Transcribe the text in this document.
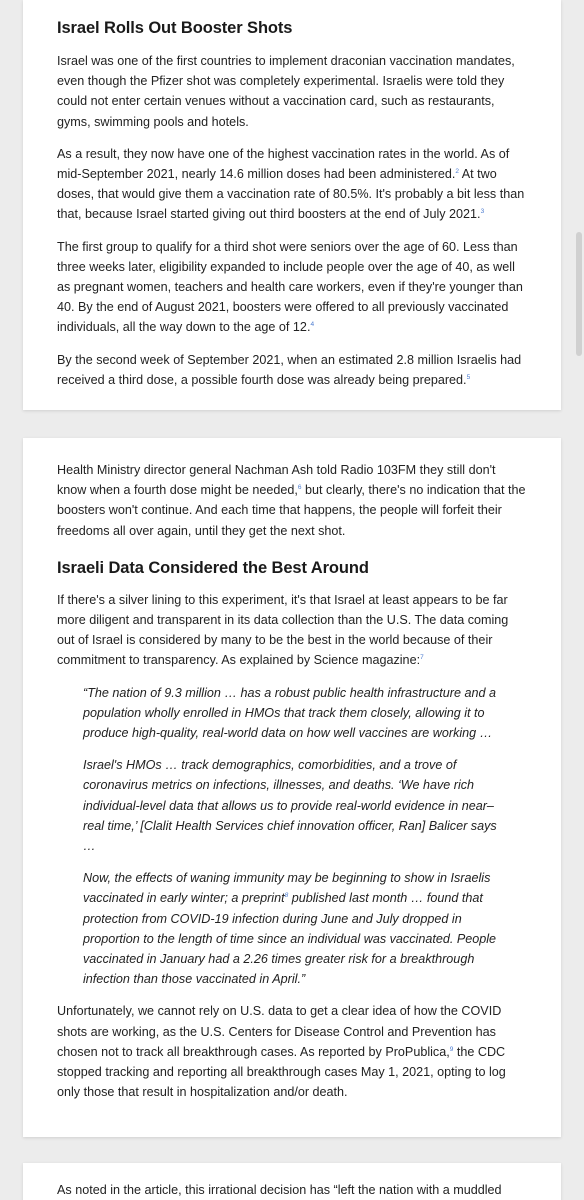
Israel Rolls Out Booster Shots

Israel was one of the first countries to implement draconian vaccination mandates, even though the Pfizer shot was completely experimental. Israelis were told they could not enter certain venues without a vaccination card, such as restaurants, gyms, swimming pools and hotels.

As a result, they now have one of the highest vaccination rates in the world. As of mid-September 2021, nearly 14.6 million doses had been administered.$^2$ At two doses, that would give them a vaccination rate of 80.5%. It's probably a bit less than that, because Israel started giving out third boosters at the end of July 2021.$^3$

The first group to qualify for a third shot were seniors over the age of 60. Less than three weeks later, eligibility expanded to include people over the age of 40, as well as pregnant women, teachers and health care workers, even if they're younger than 40. By the end of August 2021, boosters were offered to all previously vaccinated individuals, all the way down to the age of 12.$^4$

By the second week of September 2021, when an estimated 2.8 million Israelis had received a third dose, a possible fourth dose was already being prepared.$^5$

Health Ministry director general Nachman Ash told Radio 103FM they still don't know when a fourth dose might be needed,$^6$ but clearly, there's no indication that the boosters won't continue. And each time that happens, the people will forfeit their freedoms all over again, until they get the next shot.

Israeli Data Considered the Best Around

If there's a silver lining to this experiment, it's that Israel at least appears to be far more diligent and transparent in its data collection than the U.S. The data coming out of Israel is considered by many to be the best in the world because of their commitment to transparency. As explained by Science magazine:$^7$

“The nation of 9.3 million … has a robust public health infrastructure and a population wholly enrolled in HMOs that track them closely, allowing it to produce high-quality, real-world data on how well vaccines are working …

Israel's HMOs … track demographics, comorbidities, and a trove of coronavirus metrics on infections, illnesses, and deaths. ‘We have rich individual-level data that allows us to provide real-world evidence in near–real time,’ [Clalit Health Services chief innovation officer, Ran] Balicer says …

Now, the effects of waning immunity may be beginning to show in Israelis vaccinated in early winter; a preprint$^8$ published last month … found that protection from COVID-19 infection during June and July dropped in proportion to the length of time since an individual was vaccinated. People vaccinated in January had a 2.26 times greater risk for a breakthrough infection than those vaccinated in April.”

Unfortunately, we cannot rely on U.S. data to get a clear idea of how the COVID shots are working, as the U.S. Centers for Disease Control and Prevention has chosen not to track all breakthrough cases. As reported by ProPublica,$^9$ the CDC stopped tracking and reporting all breakthrough cases May 1, 2021, opting to log only those that result in hospitalization and/or death.

As noted in the article, this irrational decision has “left the nation with a muddled
